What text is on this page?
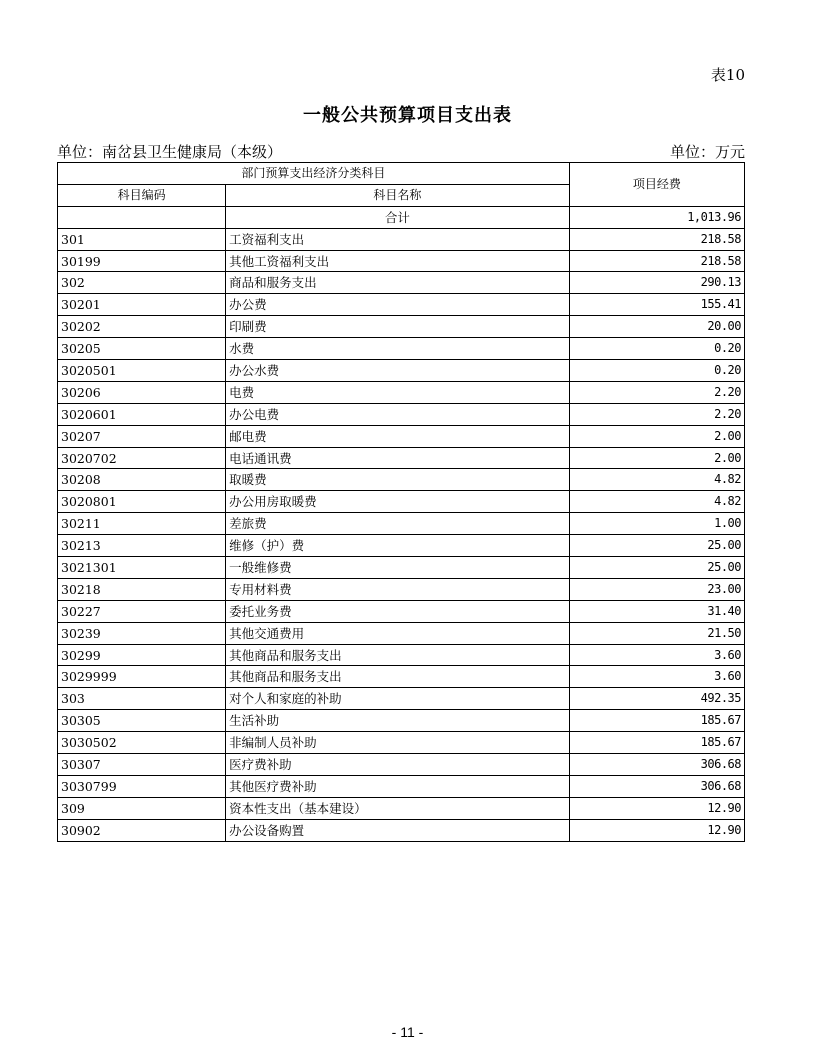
表10
一般公共预算项目支出表
单位：南岔县卫生健康局（本级）	单位：万元
部门预算支出经济分类科目		项目经费
科目编码	科目名称	
	合计	1,013.96
301	工资福利支出	218.58
30199	其他工资福利支出	218.58
302	商品和服务支出	290.13
30201	办公费	155.41
30202	印刷费	20.00
30205	水费	0.20
3020501	办公水费	0.20
30206	电费	2.20
3020601	办公电费	2.20
30207	邮电费	2.00
3020702	电话通讯费	2.00
30208	取暖费	4.82
3020801	办公用房取暖费	4.82
30211	差旅费	1.00
30213	维修（护）费	25.00
3021301	一般维修费	25.00
30218	专用材料费	23.00
30227	委托业务费	31.40
30239	其他交通费用	21.50
30299	其他商品和服务支出	3.60
3029999	其他商品和服务支出	3.60
303	对个人和家庭的补助	492.35
30305	生活补助	185.67
3030502	非编制人员补助	185.67
30307	医疗费补助	306.68
3030799	其他医疗费补助	306.68
309	资本性支出（基本建设）	12.90
30902	办公设备购置	12.90
- 11 -
